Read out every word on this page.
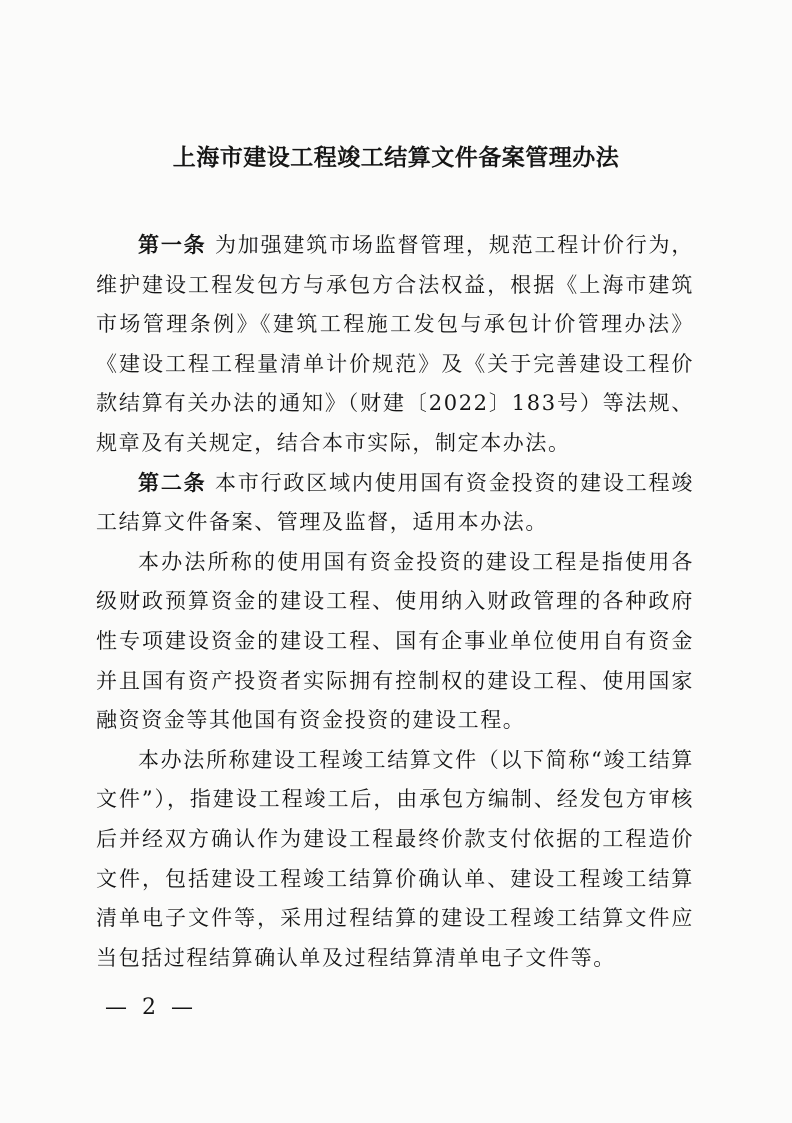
上海市建设工程竣工结算文件备案管理办法

第一条 为加强建筑市场监督管理，规范工程计价行为，维护建设工程发包方与承包方合法权益，根据《上海市建筑市场管理条例》《建筑工程施工发包与承包计价管理办法》《建设工程工程量清单计价规范》及《关于完善建设工程价款结算有关办法的通知》（财建〔2022〕183号）等法规、规章及有关规定，结合本市实际，制定本办法。

第二条 本市行政区域内使用国有资金投资的建设工程竣工结算文件备案、管理及监督，适用本办法。

本办法所称的使用国有资金投资的建设工程是指使用各级财政预算资金的建设工程、使用纳入财政管理的各种政府性专项建设资金的建设工程、国有企事业单位使用自有资金并且国有资产投资者实际拥有控制权的建设工程、使用国家融资资金等其他国有资金投资的建设工程。

本办法所称建设工程竣工结算文件（以下简称“竣工结算文件”），指建设工程竣工后，由承包方编制、经发包方审核后并经双方确认作为建设工程最终价款支付依据的工程造价文件，包括建设工程竣工结算价确认单、建设工程竣工结算清单电子文件等，采用过程结算的建设工程竣工结算文件应当包括过程结算确认单及过程结算清单电子文件等。

— 2 —
